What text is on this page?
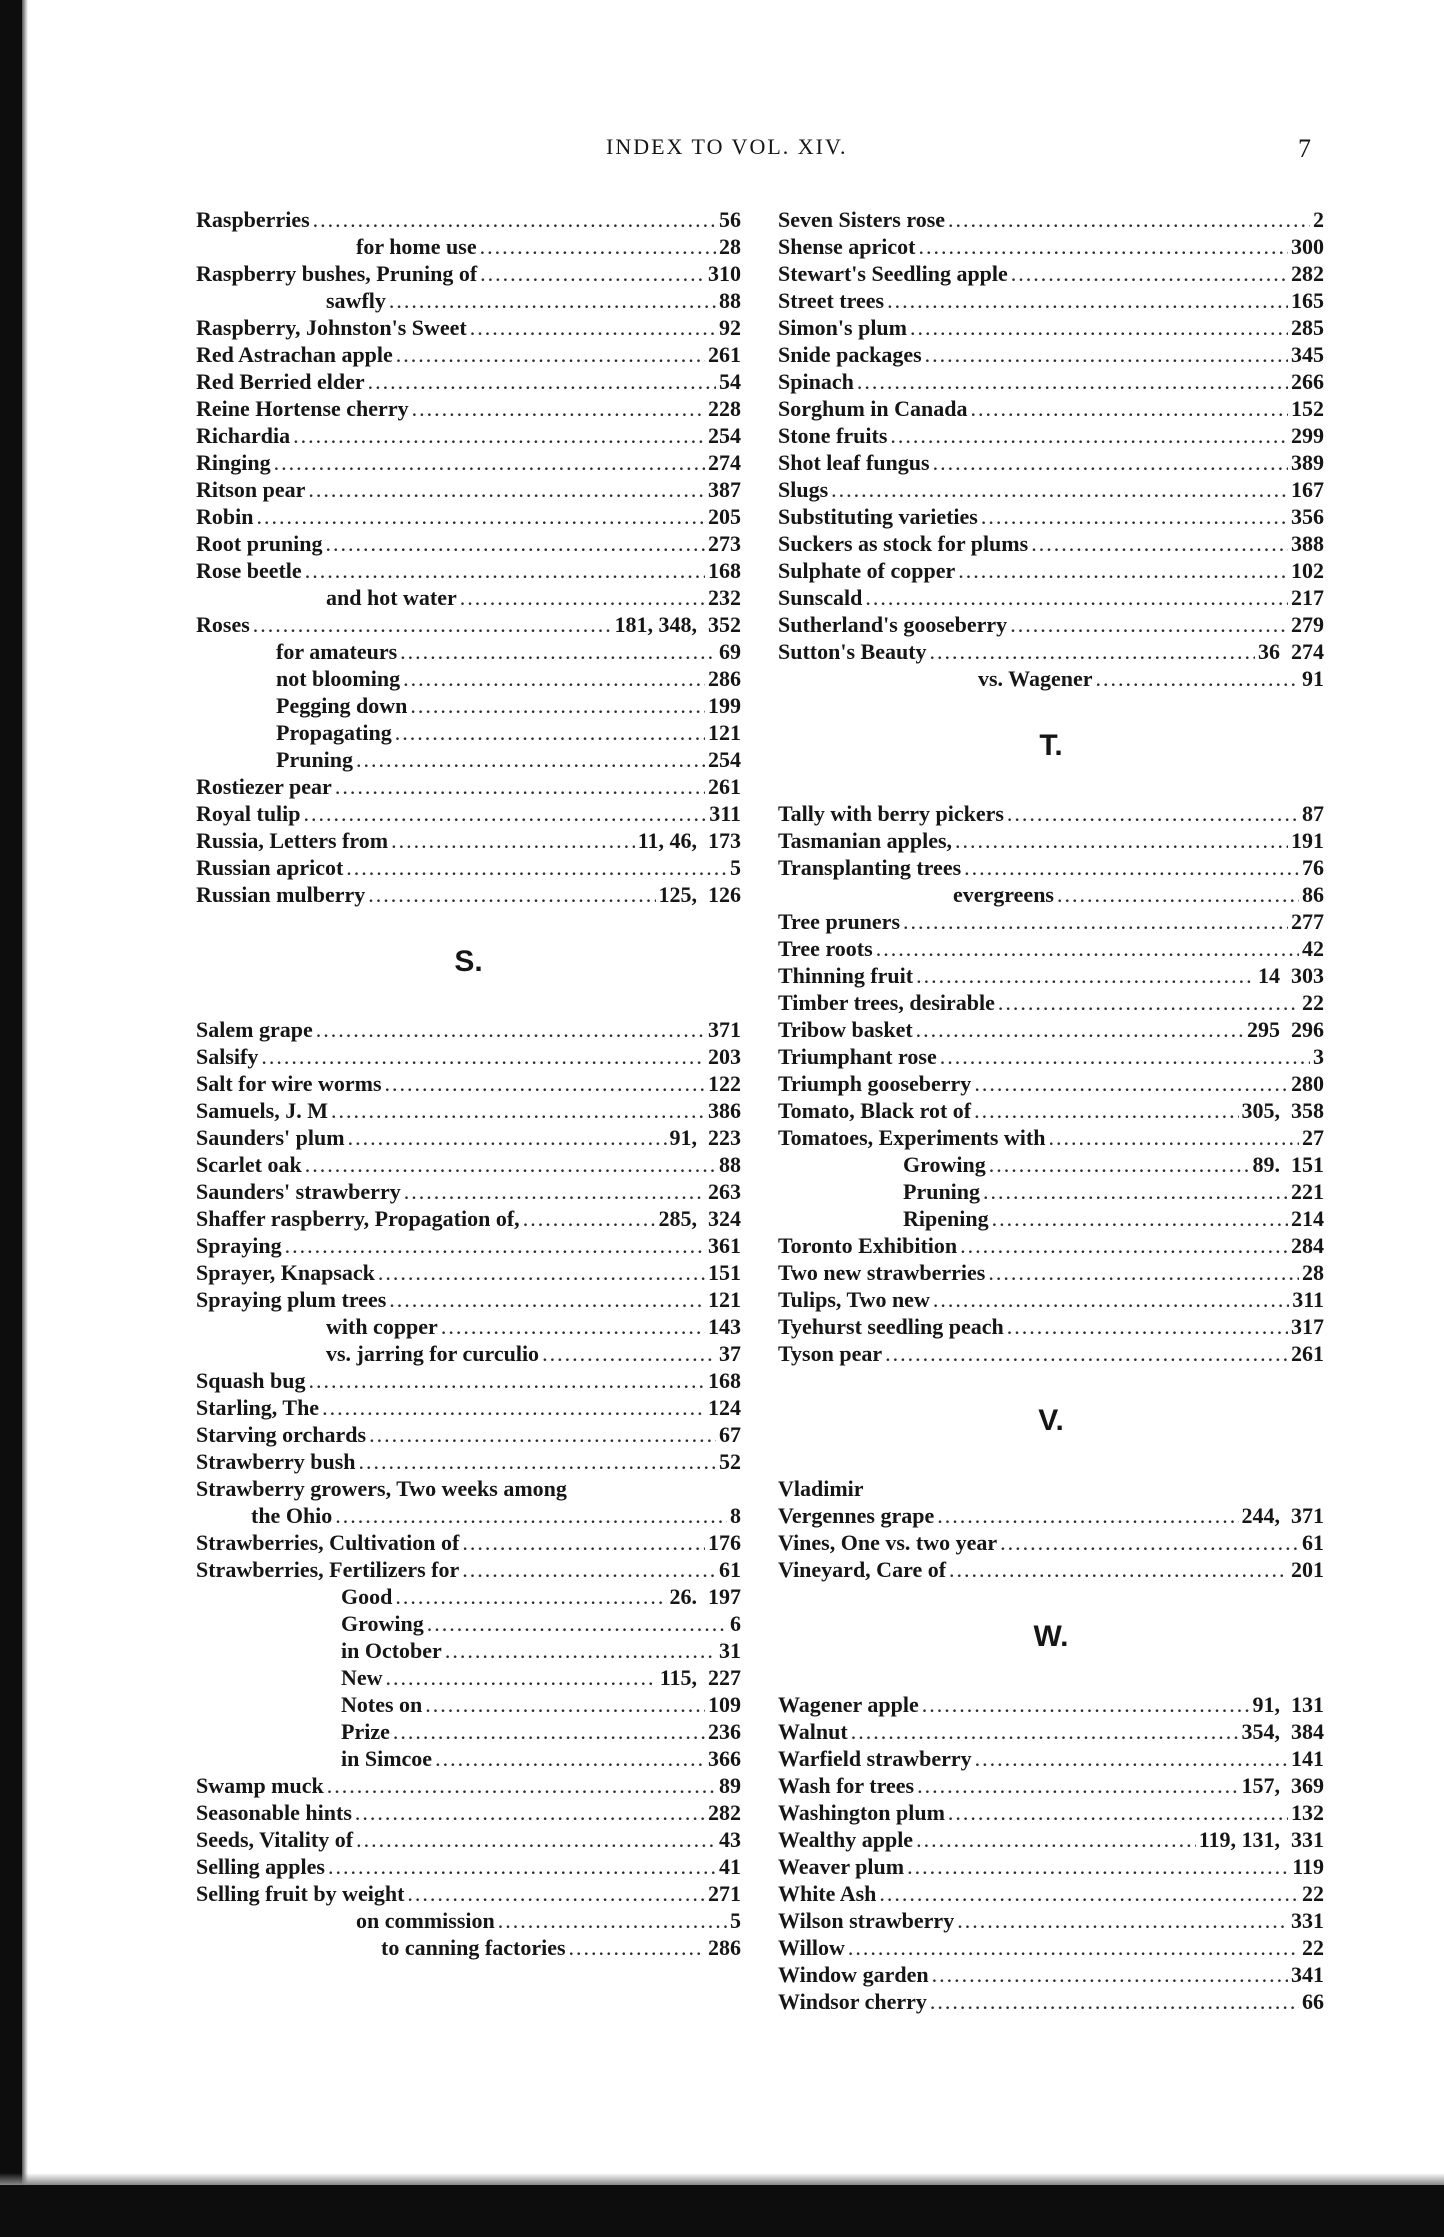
INDEX TO VOL. XIV.	7
Raspberries .....	56
for home use .....	28
Raspberry bushes, Pruning of .....	310
sawfly .....	88
Raspberry, Johnston's Sweet .....	92
Red Astrachan apple .....	261
Red Berried elder .....	54
Reine Hortense cherry .....	228
Richardia .....	254
Ringing .....	274
Ritson pear .....	387
Robin .....	205
Root pruning .....	273
Rose beetle .....	168
and hot water .....	232
Roses .....	181, 348,  352
for amateurs .....	69
not blooming .....	286
Pegging down .....	199
Propagating .....	121
Pruning .....	254
Rostiezer pear .....	261
Royal tulip .....	311
Russia, Letters from .....	11, 46,  173
Russian apricot .....	5
Russian mulberry .....	125,  126
S.
Salem grape .....	371
Salsify .....	203
Salt for wire worms .....	122
Samuels, J. M .....	386
Saunders' plum .....	91,  223
Scarlet oak .....	88
Saunders' strawberry .....	263
Shaffer raspberry, Propagation of, .....	285,  324
Spraying .....	361
Sprayer, Knapsack .....	151
Spraying plum trees .....	121
with copper .....	143
vs. jarring for curculio .....	37
Squash bug .....	168
Starling, The .....	124
Starving orchards .....	67
Strawberry bush .....	52
Strawberry growers, Two weeks among
the Ohio .....	8
Strawberries, Cultivation of .....	176
Strawberries, Fertilizers for .....	61
Good .....	26.  197
Growing .....	6
in October .....	31
New .....	115,  227
Notes on .....	109
Prize .....	236
in Simcoe .....	366
Swamp muck .....	89
Seasonable hints .....	282
Seeds, Vitality of .....	43
Selling apples .....	41
Selling fruit by weight .....	271
on commission .....	5
to canning factories .....	286
Seven Sisters rose .....	2
Shense apricot .....	300
Stewart's Seedling apple .....	282
Street trees .....	165
Simon's plum .....	285
Snide packages .....	345
Spinach .....	266
Sorghum in Canada .....	152
Stone fruits .....	299
Shot leaf fungus .....	389
Slugs .....	167
Substituting varieties .....	356
Suckers as stock for plums .....	388
Sulphate of copper .....	102
Sunscald .....	217
Sutherland's gooseberry .....	279
Sutton's Beauty .....	36  274
vs. Wagener .....	91
T.
Tally with berry pickers .....	87
Tasmanian apples, .....	191
Transplanting trees .....	76
evergreens .....	86
Tree pruners .....	277
Tree roots .....	42
Thinning fruit .....	14  303
Timber trees, desirable .....	22
Tribow basket .....	295  296
Triumphant rose .....	3
Triumph gooseberry .....	280
Tomato, Black rot of .....	305,  358
Tomatoes, Experiments with .....	27
Growing .....	89.  151
Pruning .....	221
Ripening .....	214
Toronto Exhibition .....	284
Two new strawberries .....	28
Tulips, Two new .....	311
Tyehurst seedling peach .....	317
Tyson pear .....	261
V.
Vladimir
Vergennes grape .....	244,  371
Vines, One vs. two year .....	61
Vineyard, Care of .....	201
W.
Wagener apple .....	91,  131
Walnut .....	354,  384
Warfield strawberry .....	141
Wash for trees .....	157,  369
Washington plum .....	132
Wealthy apple .....	119, 131,  331
Weaver plum .....	119
White Ash .....	22
Wilson strawberry .....	331
Willow .....	22
Window garden .....	341
Windsor cherry .....	66
